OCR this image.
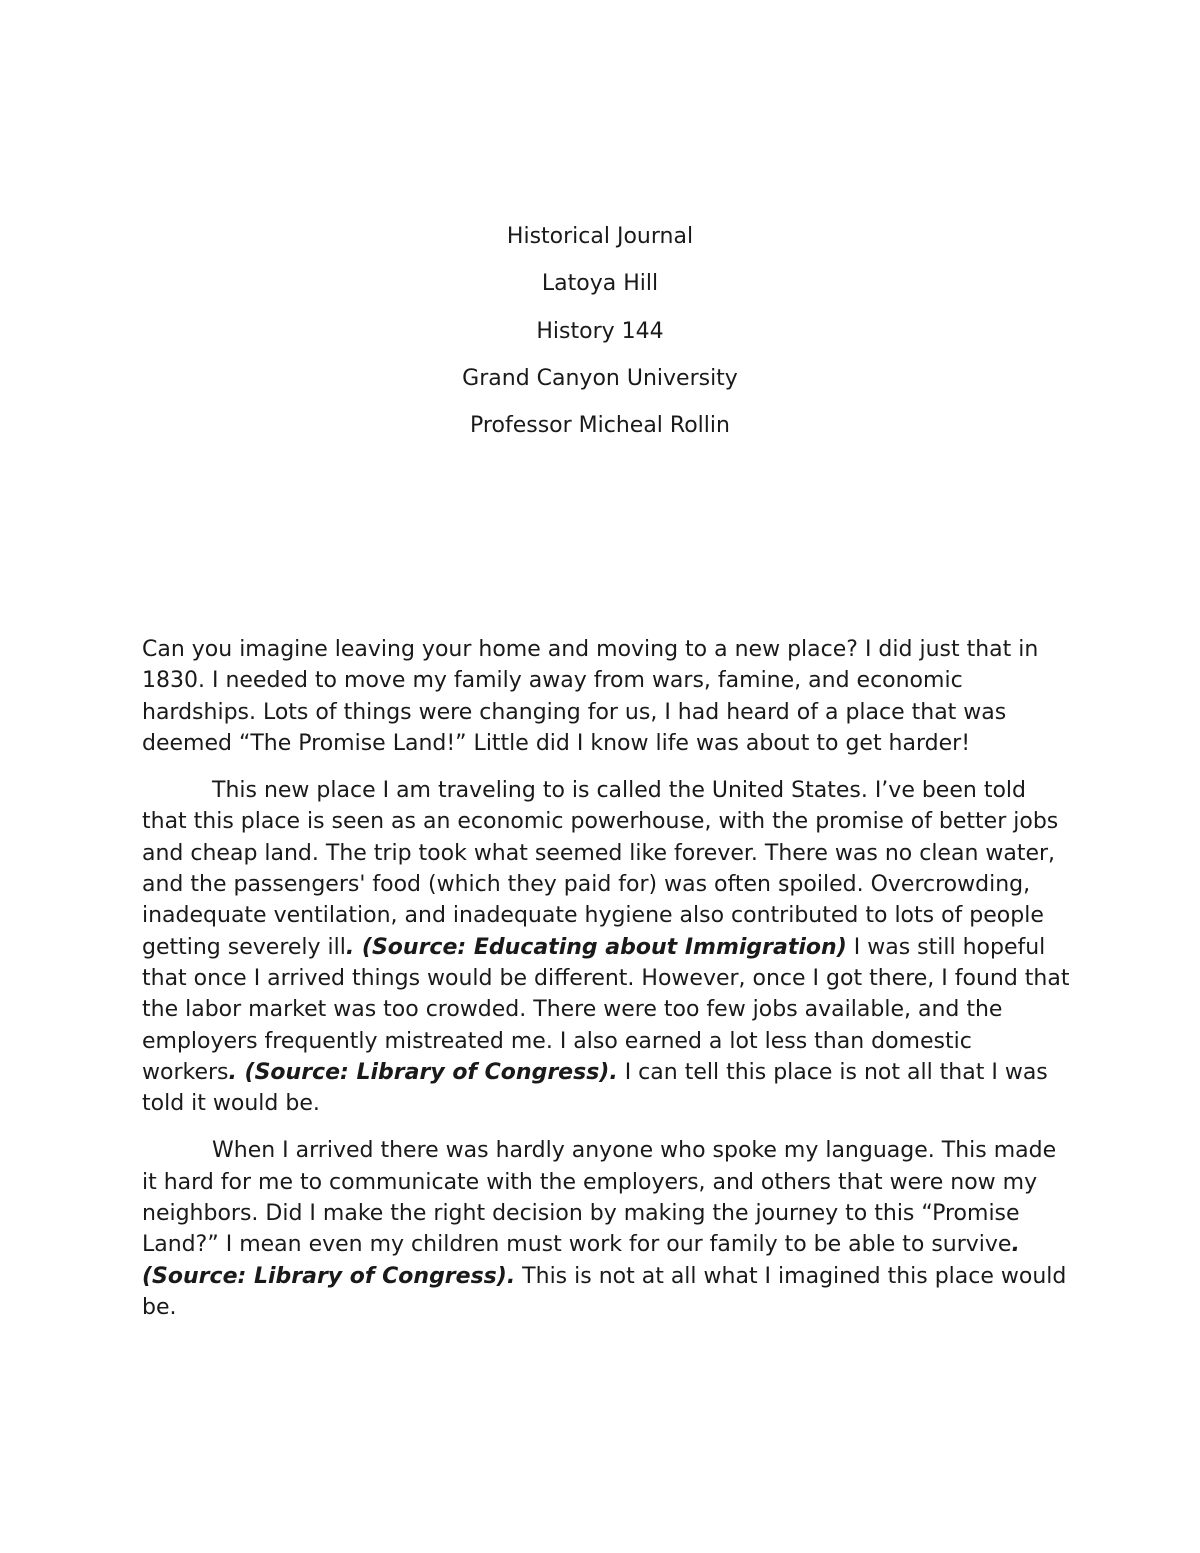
Historical Journal
Latoya Hill
History 144
Grand Canyon University
Professor Micheal Rollin

Can you imagine leaving your home and moving to a new place? I did just that in 1830. I needed to move my family away from wars, famine, and economic hardships. Lots of things were changing for us, I had heard of a place that was deemed “The Promise Land!” Little did I know life was about to get harder!

This new place I am traveling to is called the United States. I’ve been told that this place is seen as an economic powerhouse, with the promise of better jobs and cheap land. The trip took what seemed like forever. There was no clean water, and the passengers' food (which they paid for) was often spoiled. Overcrowding, inadequate ventilation, and inadequate hygiene also contributed to lots of people getting severely ill. (Source: Educating about Immigration) I was still hopeful that once I arrived things would be different. However, once I got there, I found that the labor market was too crowded. There were too few jobs available, and the employers frequently mistreated me. I also earned a lot less than domestic workers. (Source: Library of Congress). I can tell this place is not all that I was told it would be.

When I arrived there was hardly anyone who spoke my language. This made it hard for me to communicate with the employers, and others that were now my neighbors. Did I make the right decision by making the journey to this “Promise Land?” I mean even my children must work for our family to be able to survive. (Source: Library of Congress). This is not at all what I imagined this place would be.
